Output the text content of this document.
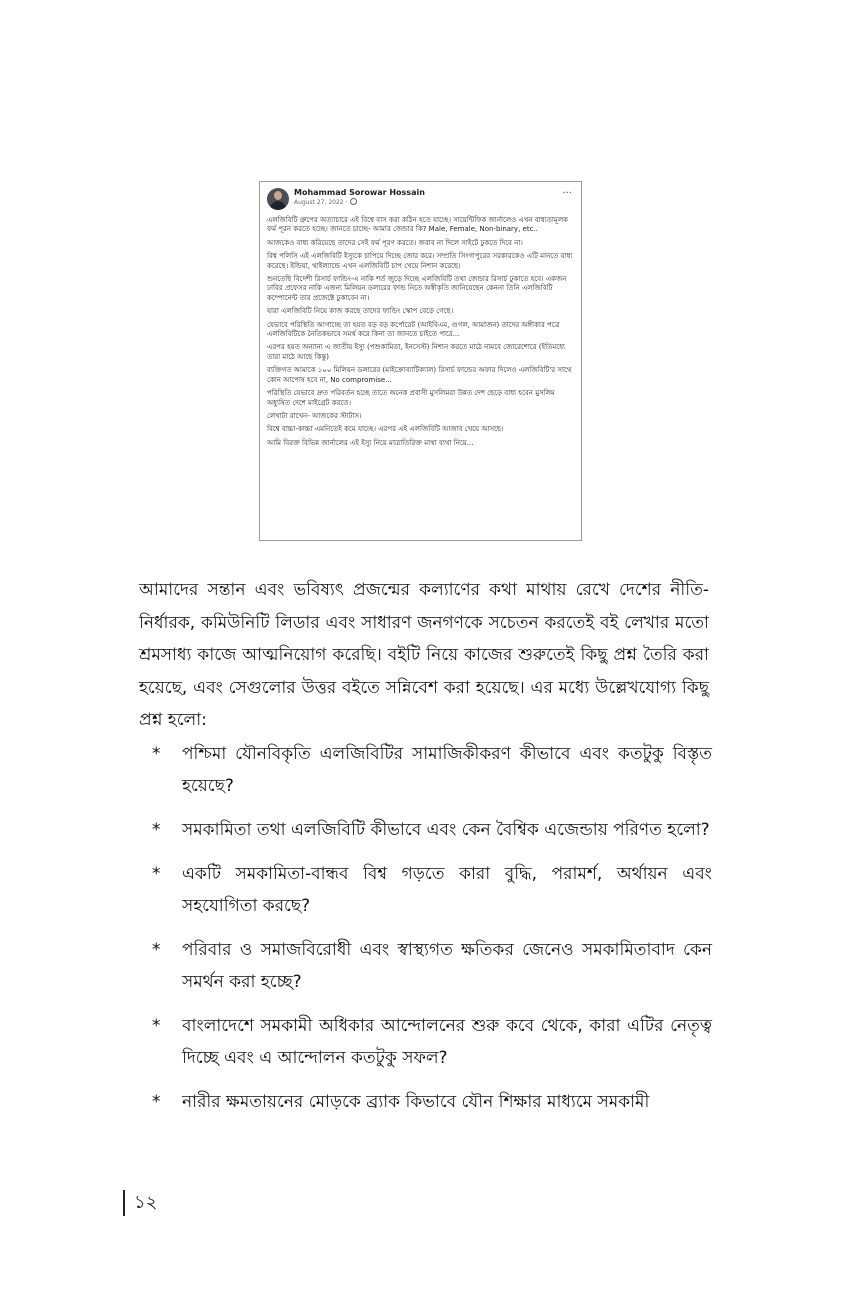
Mohammad Sorowar Hossain
August 27, 2022 ·
···

এলজিবিটি গ্রুপের অত্যাচারে এই বিশ্বে বাস করা কঠিন হতে যাচ্ছে। সায়েন্টিফিক জার্নালেও এখন বাধ্যতামূলক ফর্ম পূরন করতে হচ্ছে। জানতে চাচ্ছে- আমার জেন্ডার কি? Male, Female, Non-binary, etc..

আজকেও বাধ্য করিয়েছে তাদের সেই ফর্ম পূরণ করতে। জবাব না দিলে সাইটে ঢুকতে দিবে না।

বিশ্ব পলিসি এই এলজিবিটি ইস্যুকে চাপিয়ে দিচ্ছে জোর করে। সম্প্রতি সিংগাপুরের সরকারকেও এটি মানতে বাধ্য করেছে। ইন্ডিয়া, থাইল্যান্ডে এখন এলজিবিটি চাপ খেয়ে নিশান করেছে।

শুনতেছি বিদেশী রিসার্চ ফান্ডিং-এ নাকি শর্ত জুড়ে দিচ্ছে এলজিবিটি তথা জেন্ডার রিসার্চ ঢুকাতে হবে। একজন ঢাবির প্রফেসর নাকি এজন্য মিলিয়ন ডলারের ফান্ড নিতে অস্বীকৃতি জানিয়েছেন কেননা তিনি এলজিবিটি কম্পোনেন্ট তার প্রজেক্টে ঢুকাবেন না।

যারা এলজিবিটি নিয়ে কাজ করছে তাদের ফান্ডিং স্কোপ বেড়ে গেছে।

যেভাবে পরিস্থিতি আগাচ্ছে তা হয়ত বড় বড় কর্পোরেট (আইবিএম, গুগল, আমাজন) তাদের অঙ্গীকার পত্রে এলজিবিটিকে নৈতিকভাবে সমর্থ করে কিনা তা জানতে চাইতে পারে...

এরপর হয়ত অন্যান্য এ জাতীয় ইস্যু (পশুকামিতা, ইনসেস্ট) নিশান করতে মাঠে নামবে জোরেশোরে (ইতিমধ্যে তারা মাঠে আছে কিন্তু)

ব্যক্তিগত আমাকে ১০০ মিলিয়ন ডলারের (মাইক্রোব্যাটিক্যাল) রিসার্চ ফান্ডের অফার দিলেও এলজিবিটি'র সাথে কোন আপোষ হবে না, No compromise...

পরিস্থিতি যেভাবে দ্রুত পরিবর্তন হচ্ছে তাতে অনেক প্রবাসী মুসলিমরা উন্নত দেশ ছেড়ে বাধ্য হবেন মুসলিম অধ্যুষিত দেশে মাইগ্রেট করতে।

লেখাটা রাখেন- আজকের স্টাটাস।

বিশ্বে বাচ্চা-কাচ্চা এমনিতেই কমে যাচ্ছে। এরপর এই এলজিবিটি আজাব খেয়ে আসছে।

আমি বিরক্ত বিভিন্ন জার্নালের এই ইস্যু নিয়ে মাত্রাতিরিক্ত মাথা ব্যথা নিয়ে...

আমাদের সন্তান এবং ভবিষ্যৎ প্রজন্মের কল্যাণের কথা মাথায় রেখে দেশের নীতি-নির্ধারক, কমিউনিটি লিডার এবং সাধারণ জনগণকে সচেতন করতেই বই লেখার মতো শ্রমসাধ্য কাজে আত্মনিয়োগ করেছি। বইটি নিয়ে কাজের শুরুতেই কিছু প্রশ্ন তৈরি করা হয়েছে, এবং সেগুলোর উত্তর বইতে সন্নিবেশ করা হয়েছে। এর মধ্যে উল্লেখযোগ্য কিছু প্রশ্ন হলো:

* পশ্চিমা যৌনবিকৃতি এলজিবিটির সামাজিকীকরণ কীভাবে এবং কতটুকু বিস্তৃত হয়েছে?
* সমকামিতা তথা এলজিবিটি কীভাবে এবং কেন বৈশ্বিক এজেন্ডায় পরিণত হলো?
* একটি সমকামিতা-বান্ধব বিশ্ব গড়তে কারা বুদ্ধি, পরামর্শ, অর্থায়ন এবং সহযোগিতা করছে?
* পরিবার ও সমাজবিরোধী এবং স্বাস্থ্যগত ক্ষতিকর জেনেও সমকামিতাবাদ কেন সমর্থন করা হচ্ছে?
* বাংলাদেশে সমকামী অধিকার আন্দোলনের শুরু কবে থেকে, কারা এটির নেতৃত্ব দিচ্ছে এবং এ আন্দোলন কতটুকু সফল?
* নারীর ক্ষমতায়নের মোড়কে ব্র্যাক কিভাবে যৌন শিক্ষার মাধ্যমে সমকামী
১২
